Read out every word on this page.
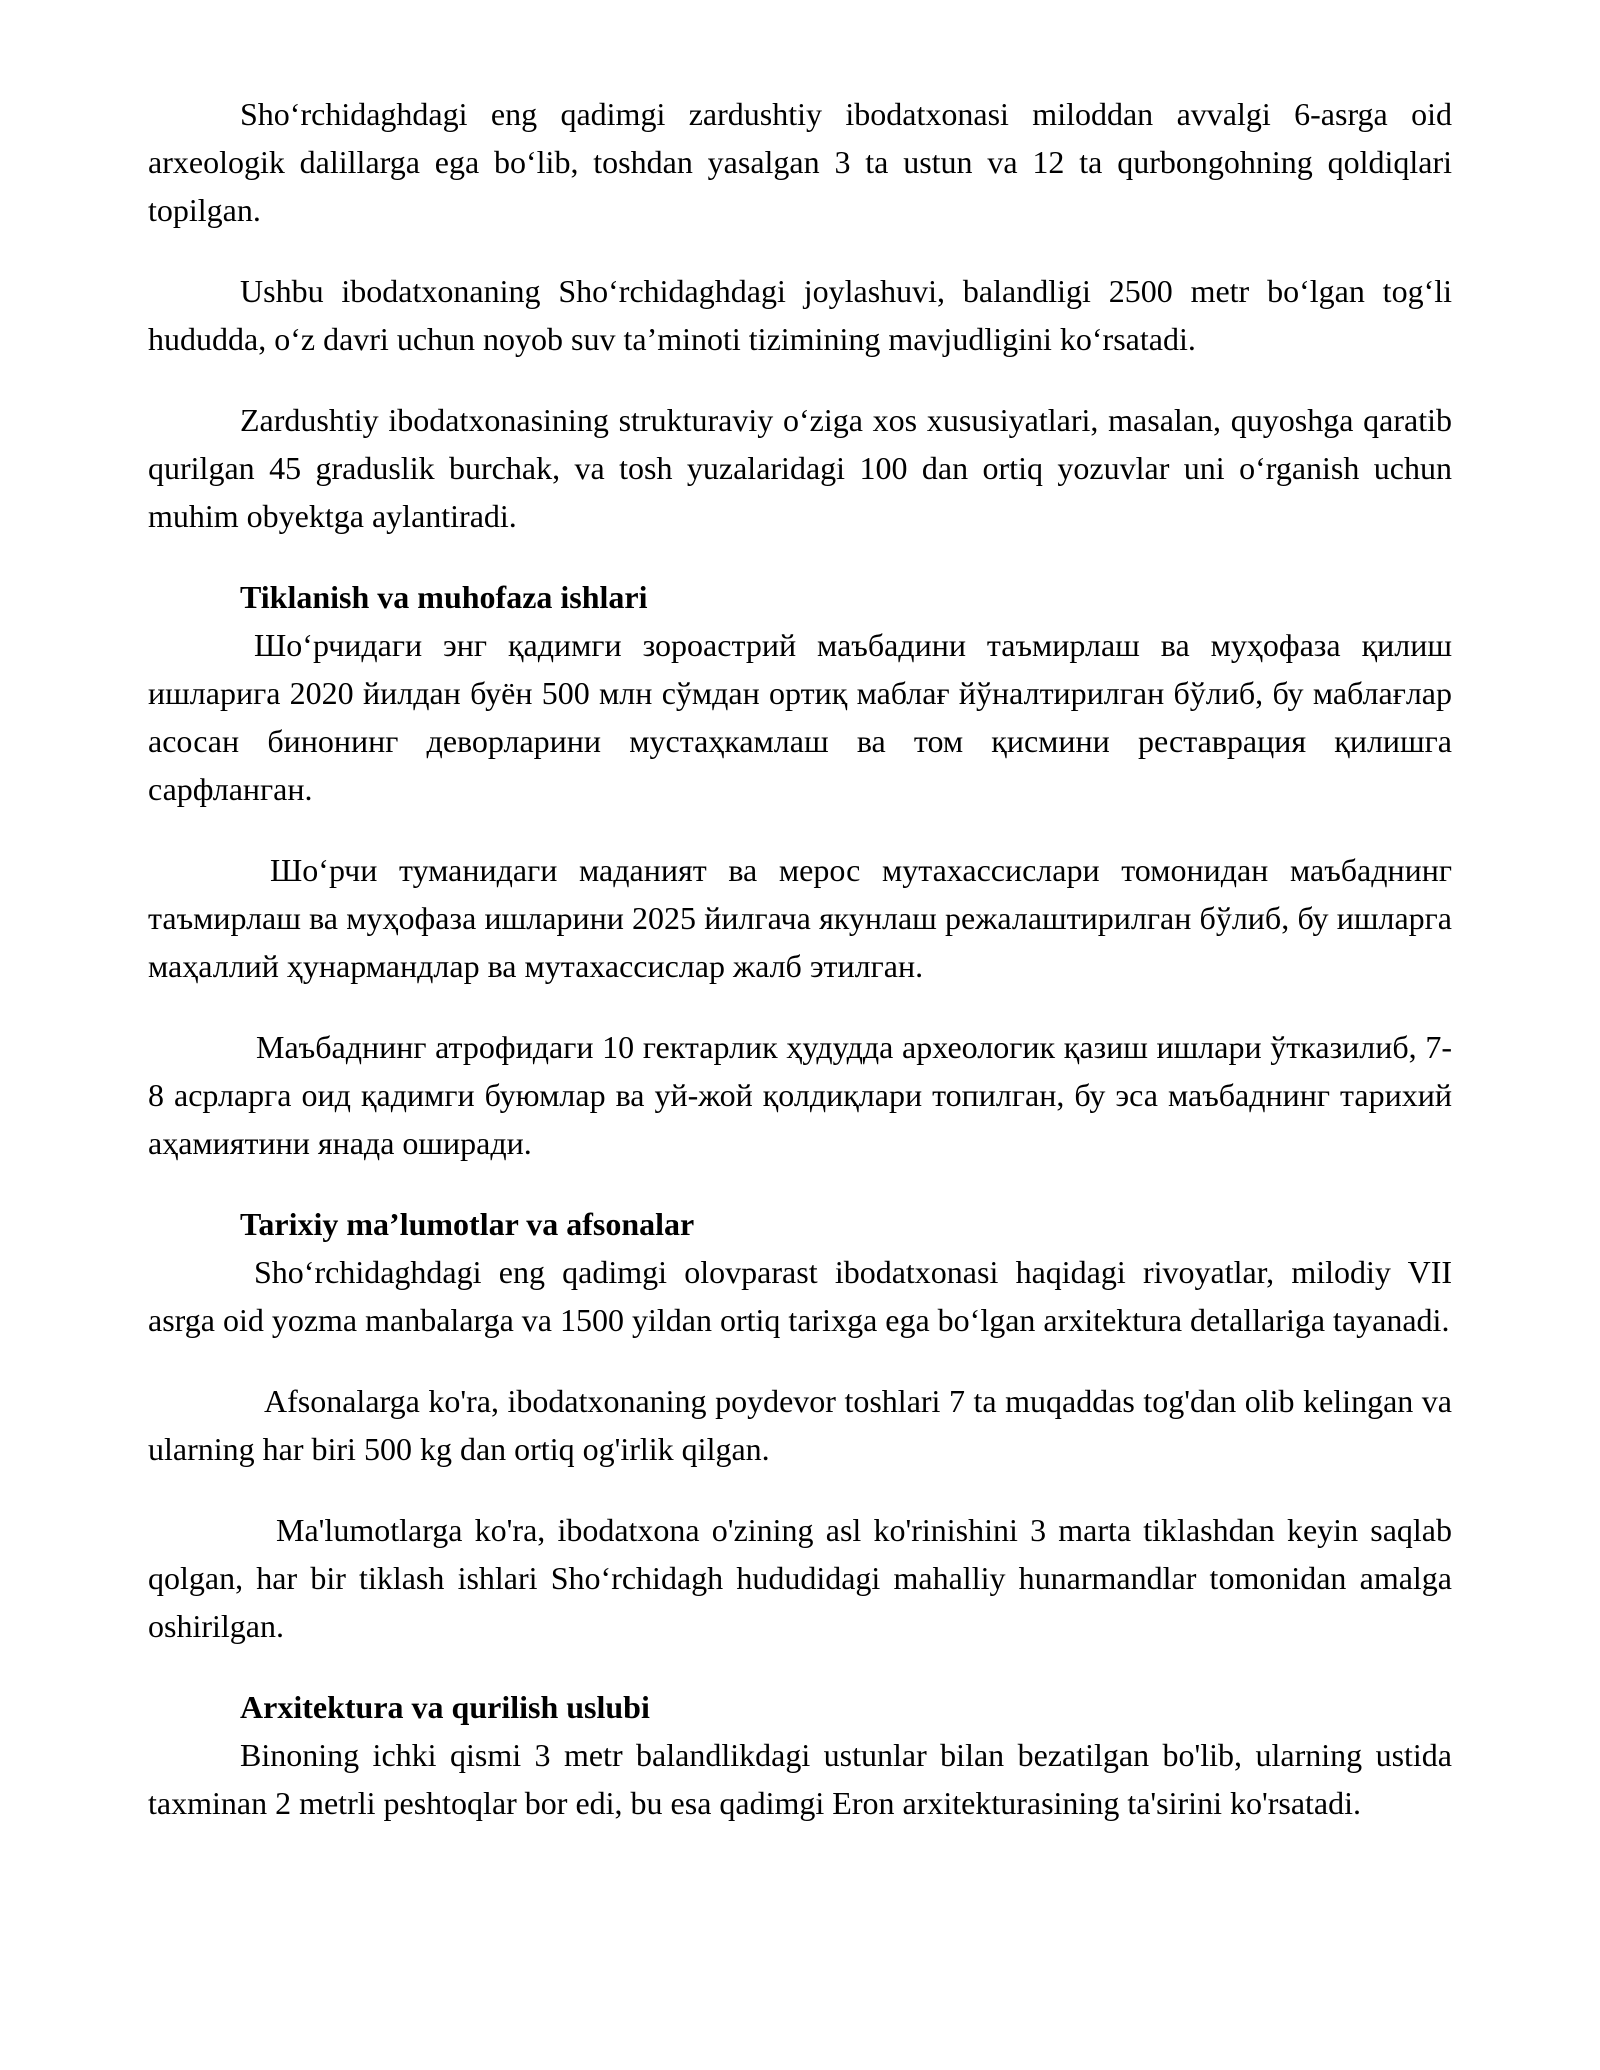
Sho‘rchidaghdagi eng qadimgi zardushtiy ibodatxonasi miloddan avvalgi 6-asrga oid arxeologik dalillarga ega bo‘lib, toshdan yasalgan 3 ta ustun va 12 ta qurbongohning qoldiqlari topilgan.

Ushbu ibodatxonaning Sho‘rchidaghdagi joylashuvi, balandligi 2500 metr bo‘lgan tog‘li hududda, o‘z davri uchun noyob suv ta’minoti tizimining mavjudligini ko‘rsatadi.

Zardushtiy ibodatxonasining strukturaviy o‘ziga xos xususiyatlari, masalan, quyoshga qaratib qurilgan 45 graduslik burchak, va tosh yuzalaridagi 100 dan ortiq yozuvlar uni o‘rganish uchun muhim obyektga aylantiradi.

Tiklanish va muhofaza ishlari

Шоʻрчидаги энг қадимги зороастрий маъбадини таъмирлаш ва муҳофаза қилиш ишларига 2020 йилдан буён 500 млн сўмдан ортиқ маблағ йўналтирилган бўлиб, бу маблағлар асосан бинонинг деворларини мустаҳкамлаш ва том қисмини реставрация қилишга сарфланган.

Шоʻрчи туманидаги маданият ва мерос мутахассислари томонидан маъбаднинг таъмирлаш ва муҳофаза ишларини 2025 йилгача якунлаш режалаштирилган бўлиб, бу ишларга маҳаллий ҳунармандлар ва мутахассислар жалб этилган.

Маъбаднинг атрофидаги 10 гектарлик ҳудудда археологик қазиш ишлари ўтказилиб, 7-8 асрларга оид қадимги буюмлар ва уй-жой қолдиқлари топилган, бу эса маъбаднинг тарихий аҳамиятини янада оширади.

Tarixiy ma’lumotlar va afsonalar

Sho‘rchidaghdagi eng qadimgi olovparast ibodatxonasi haqidagi rivoyatlar, milodiy VII asrga oid yozma manbalarga va 1500 yildan ortiq tarixga ega bo‘lgan arxitektura detallariga tayanadi.

Afsonalarga ko'ra, ibodatxonaning poydevor toshlari 7 ta muqaddas tog'dan olib kelingan va ularning har biri 500 kg dan ortiq og'irlik qilgan.

Ma'lumotlarga ko'ra, ibodatxona o'zining asl ko'rinishini 3 marta tiklashdan keyin saqlab qolgan, har bir tiklash ishlari Sho‘rchidagh hududidagi mahalliy hunarmandlar tomonidan amalga oshirilgan.

Arxitektura va qurilish uslubi

Binoning ichki qismi 3 metr balandlikdagi ustunlar bilan bezatilgan bo'lib, ularning ustida taxminan 2 metrli peshtoqlar bor edi, bu esa qadimgi Eron arxitekturasining ta'sirini ko'rsatadi.
